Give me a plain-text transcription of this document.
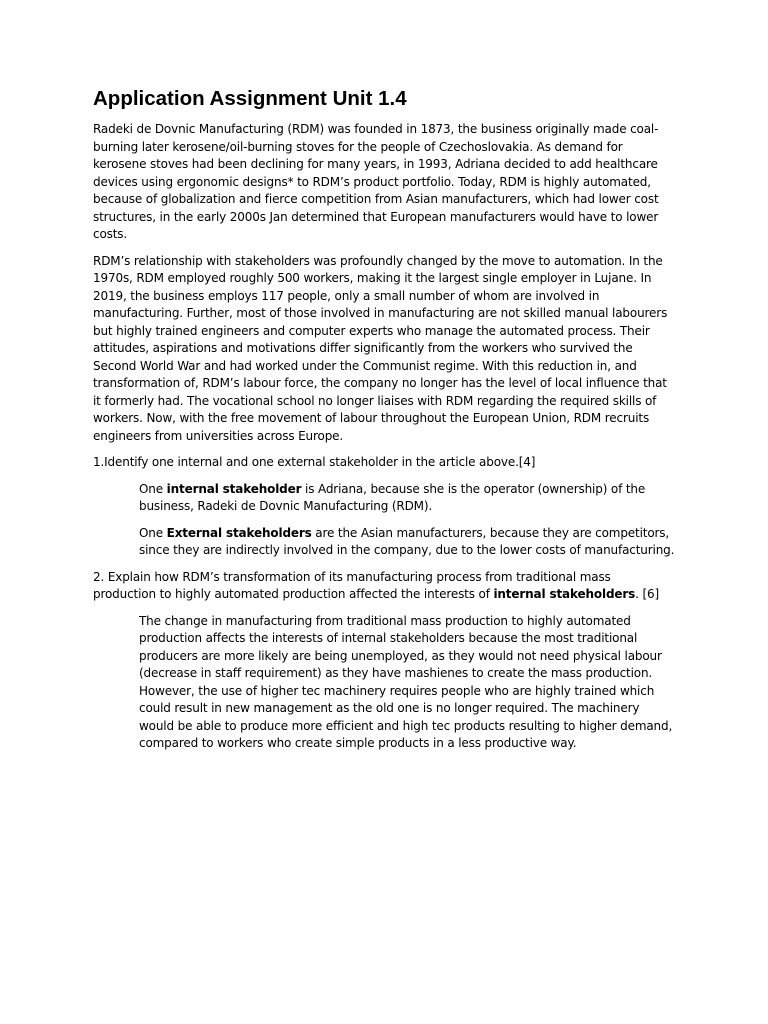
Application Assignment Unit 1.4

Radeki de Dovnic Manufacturing (RDM) was founded in 1873, the business originally made coal-burning later kerosene/oil-burning stoves for the people of Czechoslovakia. As demand for kerosene stoves had been declining for many years, in 1993, Adriana decided to add healthcare devices using ergonomic designs* to RDM’s product portfolio. Today, RDM is highly automated, because of globalization and fierce competition from Asian manufacturers, which had lower cost structures, in the early 2000s Jan determined that European manufacturers would have to lower costs.

RDM’s relationship with stakeholders was profoundly changed by the move to automation. In the 1970s, RDM employed roughly 500 workers, making it the largest single employer in Lujane. In 2019, the business employs 117 people, only a small number of whom are involved in manufacturing. Further, most of those involved in manufacturing are not skilled manual labourers but highly trained engineers and computer experts who manage the automated process. Their attitudes, aspirations and motivations differ significantly from the workers who survived the Second World War and had worked under the Communist regime. With this reduction in, and transformation of, RDM’s labour force, the company no longer has the level of local influence that it formerly had. The vocational school no longer liaises with RDM regarding the required skills of workers. Now, with the free movement of labour throughout the European Union, RDM recruits engineers from universities across Europe.

1.Identify one internal and one external stakeholder in the article above.[4]

One internal stakeholder is Adriana, because she is the operator (ownership) of the business, Radeki de Dovnic Manufacturing (RDM).

One External stakeholders are the Asian manufacturers, because they are competitors, since they are indirectly involved in the company, due to the lower costs of manufacturing.

2. Explain how RDM’s transformation of its manufacturing process from traditional mass production to highly automated production affected the interests of internal stakeholders. [6]

The change in manufacturing from traditional mass production to highly automated production affects the interests of internal stakeholders because the most traditional producers are more likely are being unemployed, as they would not need physical labour (decrease in staff requirement) as they have mashienes to create the mass production. However, the use of higher tec machinery requires people who are highly trained which could result in new management as the old one is no longer required. The machinery would be able to produce more efficient and high tec products resulting to higher demand, compared to workers who create simple products in a less productive way.
